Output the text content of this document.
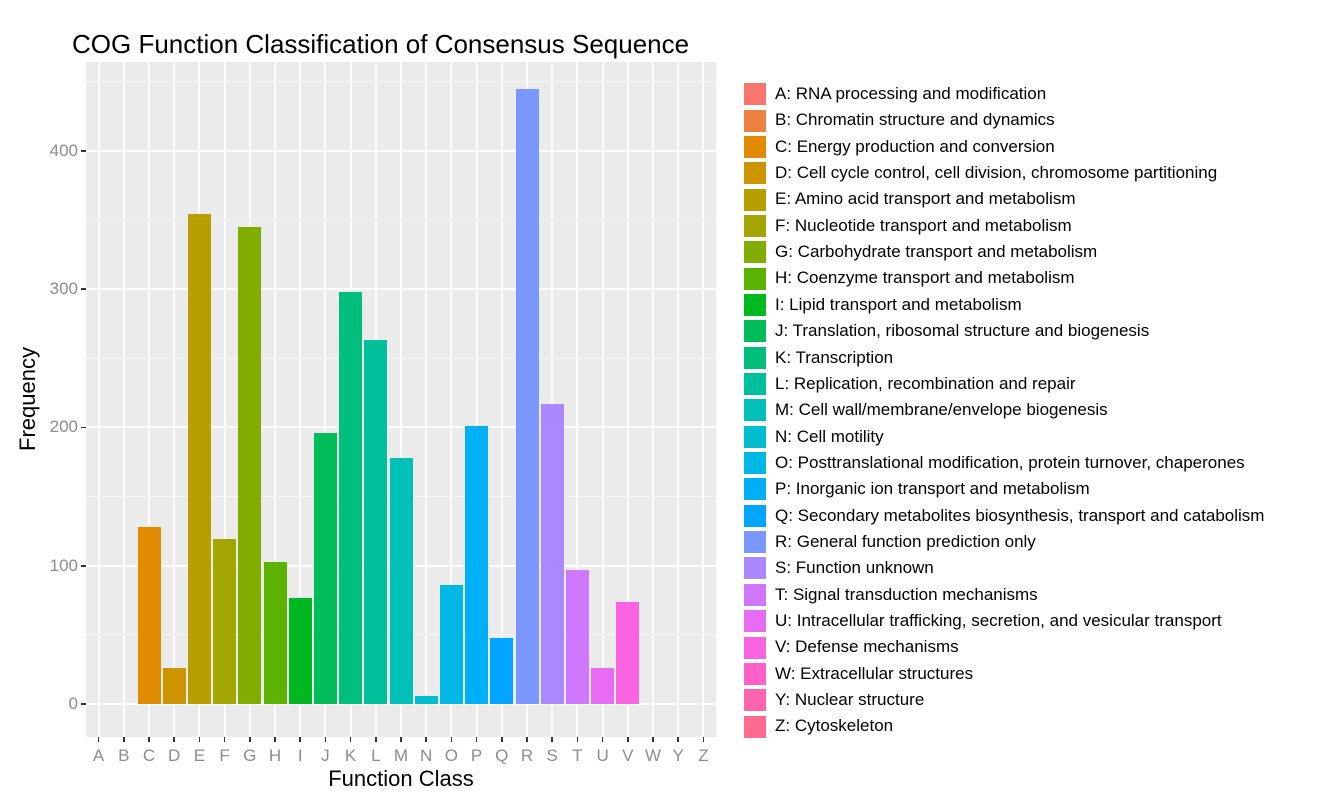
COG Function Classification of Consensus Sequence
Frequency
0
100
200
300
400
A B C D E F G H I	J K L M N O P Q R S T U V W Y Z
Function Class
A: RNA processing and modification
B: Chromatin structure and dynamics
C: Energy production and conversion
D: Cell cycle control, cell division, chromosome partitioning
E: Amino acid transport and metabolism
F: Nucleotide transport and metabolism
G: Carbohydrate transport and metabolism
H: Coenzyme transport and metabolism
I: Lipid transport and metabolism
J: Translation, ribosomal structure and biogenesis
K: Transcription
L: Replication, recombination and repair
M: Cell wall/membrane/envelope biogenesis
N: Cell motility
O: Posttranslational modification, protein turnover, chaperones
P: Inorganic ion transport and metabolism
Q: Secondary metabolites biosynthesis, transport and catabolism
R: General function prediction only
S: Function unknown
T: Signal transduction mechanisms
U: Intracellular trafficking, secretion, and vesicular transport
V: Defense mechanisms
W: Extracellular structures
Y: Nuclear structure
Z: Cytoskeleton
